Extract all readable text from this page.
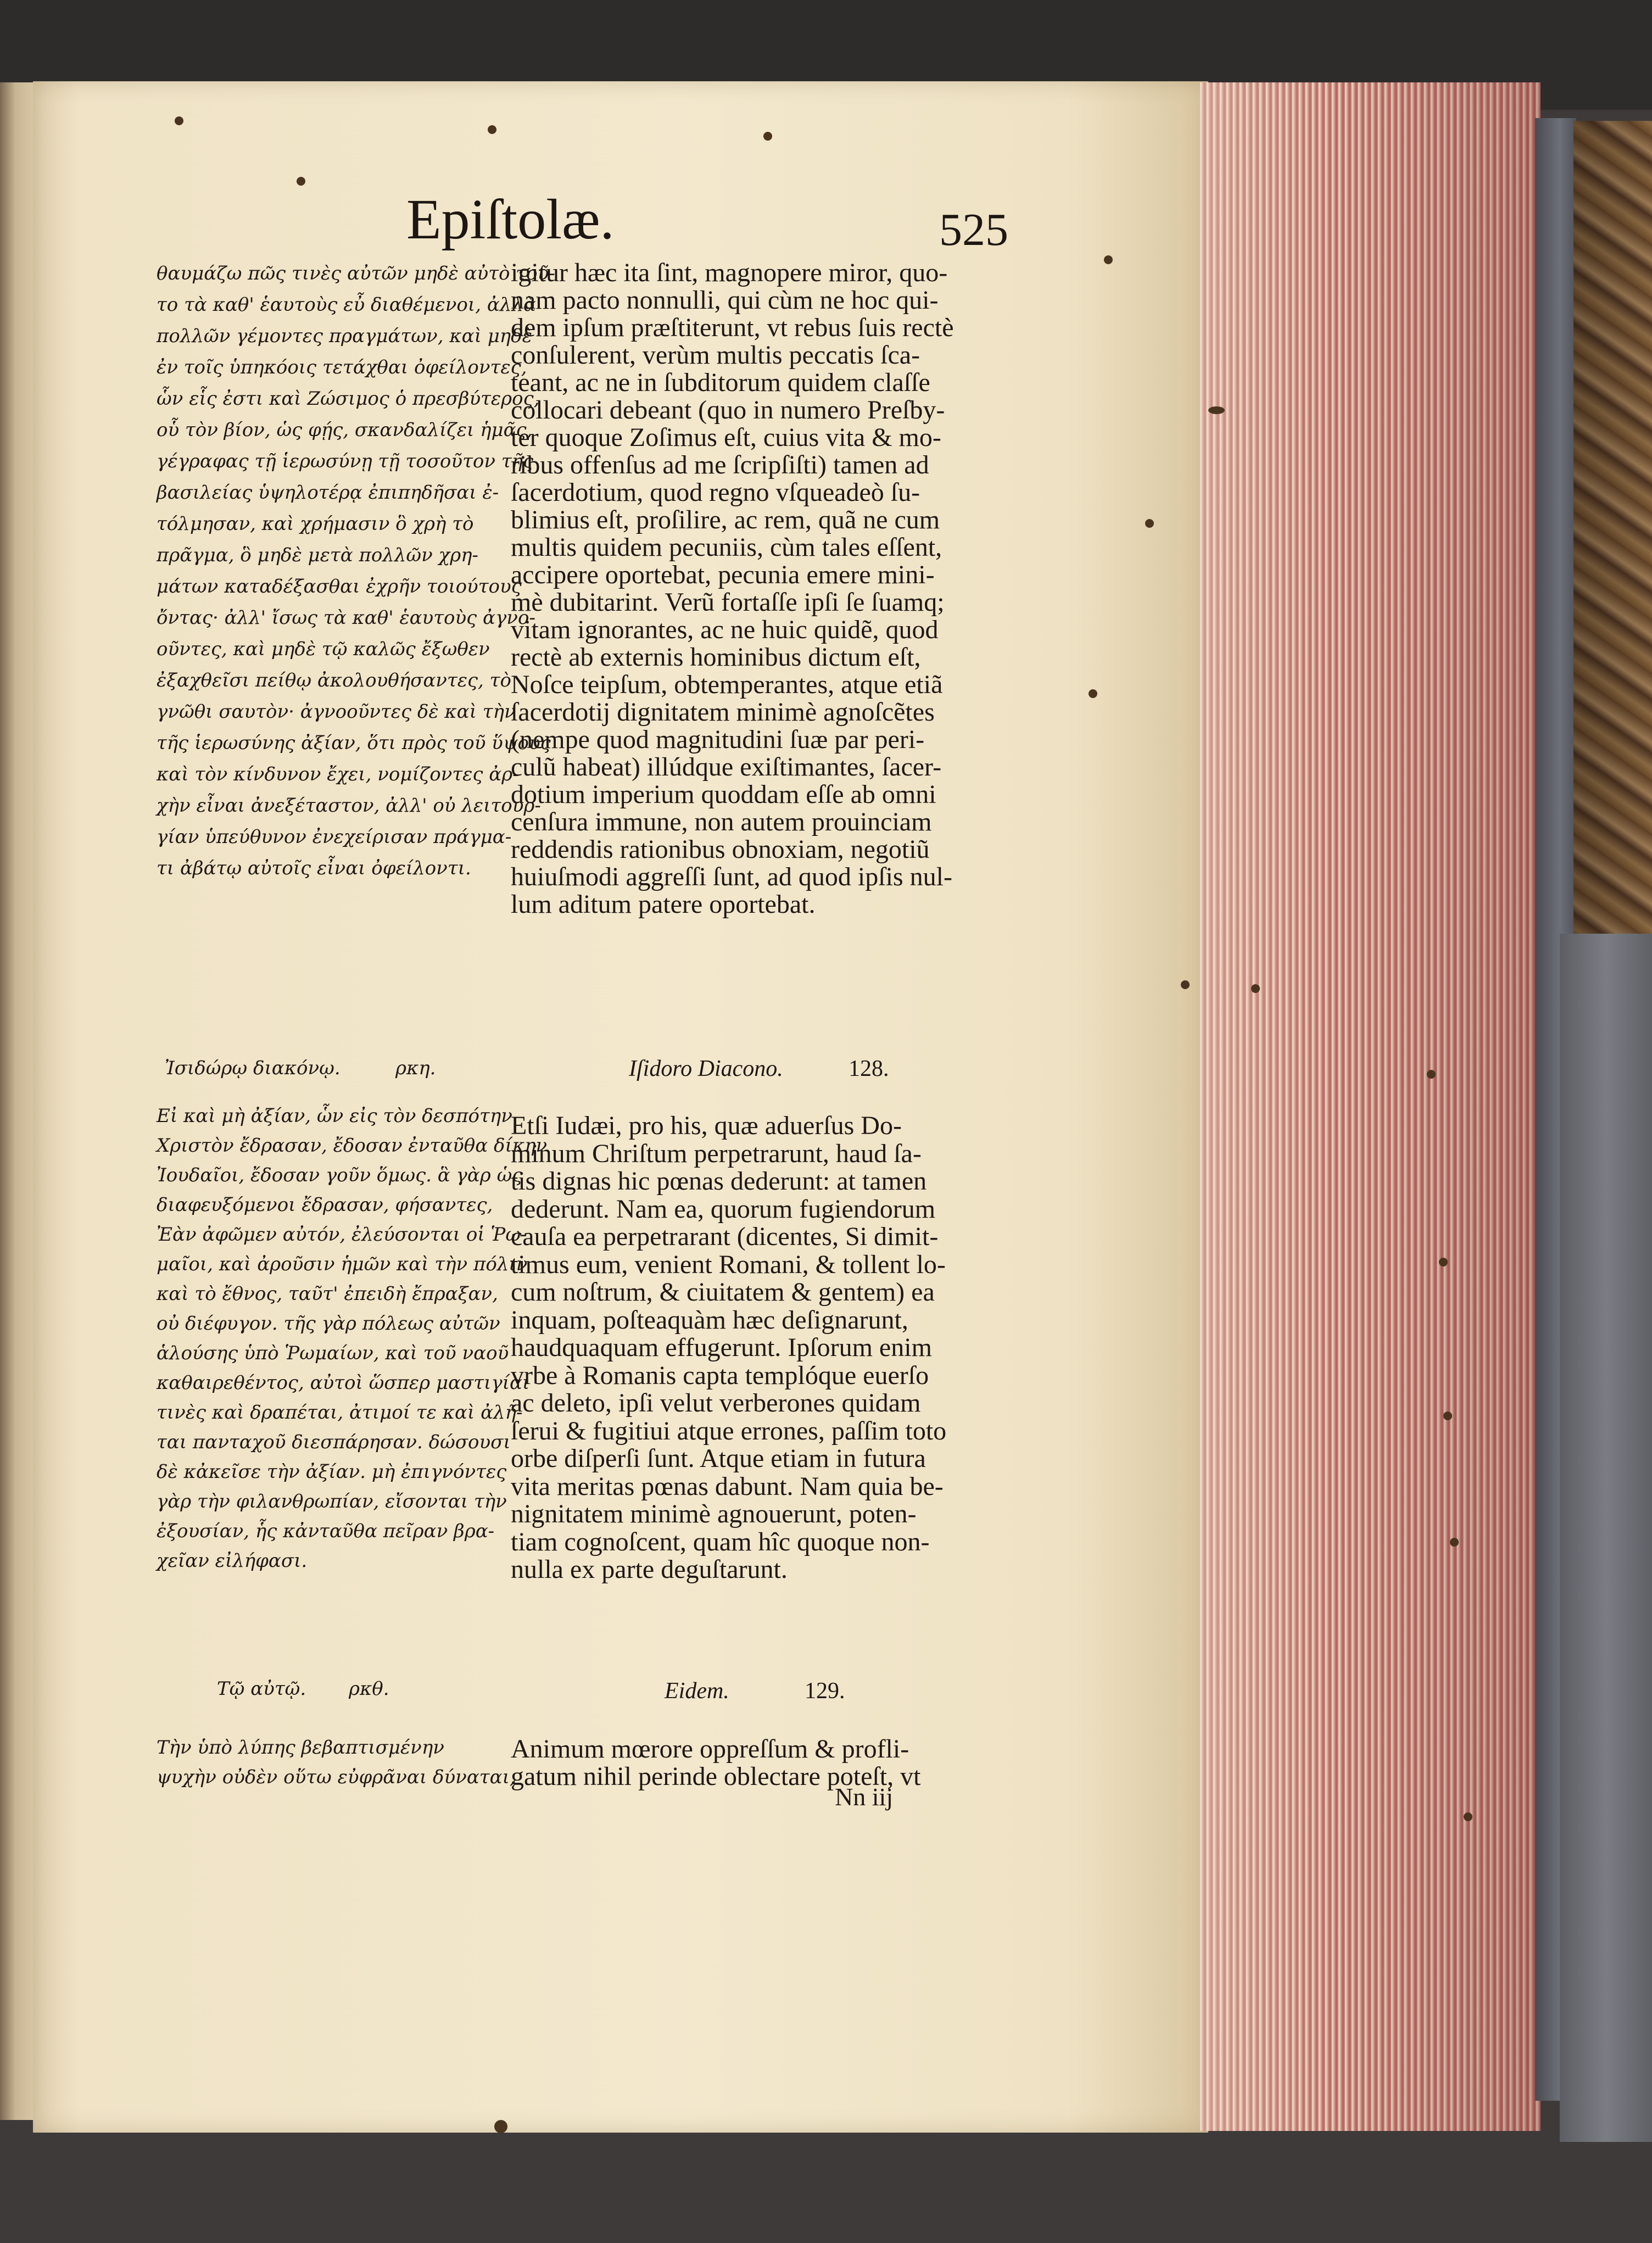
Epiſtolæ.	525
θαυμάζω πῶς τινὲς αὐτῶν μηδὲ αὐτὸ τοῦ-
το τὰ καθ' ἑαυτοὺς εὖ διαθέμενοι, ἀλλὰ
πολλῶν γέμοντες πραγμάτων, καὶ μηδὲ
ἐν τοῖς ὑπηκόοις τετάχθαι ὀφείλοντες,
ὧν εἷς ἐστι καὶ Ζώσιμος ὁ πρεσβύτερος,
οὗ τὸν βίον, ὡς φῄς, σκανδαλίζει ἡμᾶς,
γέγραφας τῇ ἱερωσύνῃ τῇ τοσοῦτον τῆς
βασιλείας ὑψηλοτέρᾳ ἐπιπηδῆσαι ἐ-
τόλμησαν, καὶ χρήμασιν ὃ χρὴ τὸ
πρᾶγμα, ὃ μηδὲ μετὰ πολλῶν χρη-
μάτων καταδέξασθαι ἐχρῆν τοιούτους
ὄντας· ἀλλ' ἴσως τὰ καθ' ἑαυτοὺς ἀγνο-
οῦντες, καὶ μηδὲ τῷ καλῶς ἔξωθεν
ἐξαχθεῖσι πείθῳ ἀκολουθήσαντες, τὸ
γνῶθι σαυτὸν· ἀγνοοῦντες δὲ καὶ τὴν
τῆς ἱερωσύνης ἀξίαν, ὅτι πρὸς τοῦ ὕψους
καὶ τὸν κίνδυνον ἔχει, νομίζοντες ἀρ-
χὴν εἶναι ἀνεξέταστον, ἀλλ' οὐ λειτουρ-
γίαν ὑπεύθυνον ἐνεχείρισαν πράγμα-
τι ἀβάτῳ αὐτοῖς εἶναι ὀφείλοντι.
igitur hæc ita ſint, magnopere miror, quo-
nam pacto nonnulli, qui cùm ne hoc qui-
dem ipſum præſtiterunt, vt rebus ſuis rectè
conſulerent, verùm multis peccatis ſca-
teant, ac ne in ſubditorum quidem claſſe
collocari debeant (quo in numero Preſby-
ter quoque Zoſimus eſt, cuius vita & mo-
ribus offenſus ad me ſcripſiſti) tamen ad
ſacerdotium, quod regno vſqueadeò ſu-
blimius eſt, proſilire, ac rem, quã ne cum
multis quidem pecuniis, cùm tales eſſent,
accipere oportebat, pecunia emere mini-
mè dubitarint. Verũ fortaſſe ipſi ſe ſuamq;
vitam ignorantes, ac ne huic quidẽ, quod
rectè ab externis hominibus dictum eſt,
Noſce teipſum, obtemperantes, atque etiã
ſacerdotij dignitatem minimè agnoſcẽtes
(nempe quod magnitudini ſuæ par peri-
culũ habeat) illúdque exiſtimantes, ſacer-
dotium imperium quoddam eſſe ab omni
cenſura immune, non autem prouinciam
reddendis rationibus obnoxiam, negotiũ
huiuſmodi aggreſſi ſunt, ad quod ipſis nul-
lum aditum patere oportebat.
Ἰσιδώρῳ διακόνῳ.	ρκη.	Iſidoro Diacono.	128.
Εἰ καὶ μὴ ἀξίαν, ὧν εἰς τὸν δεσπότην
Χριστὸν ἔδρασαν, ἔδοσαν ἐνταῦθα δίκην
Ἰουδαῖοι, ἔδοσαν γοῦν ὅμως. ἃ γὰρ ὡς
διαφευξόμενοι ἔδρασαν, φήσαντες,
Ἐὰν ἀφῶμεν αὐτόν, ἐλεύσονται οἱ Ῥω-
μαῖοι, καὶ ἀροῦσιν ἡμῶν καὶ τὴν πόλιν
καὶ τὸ ἔθνος, ταῦτ' ἐπειδὴ ἔπραξαν,
οὐ διέφυγον. τῆς γὰρ πόλεως αὐτῶν
ἁλούσης ὑπὸ Ῥωμαίων, καὶ τοῦ ναοῦ
καθαιρεθέντος, αὐτοὶ ὥσπερ μαστιγίαι
τινὲς καὶ δραπέται, ἀτιμοί τε καὶ ἀλῆ-
ται πανταχοῦ διεσπάρησαν. δώσουσι
δὲ κἀκεῖσε τὴν ἀξίαν. μὴ ἐπιγνόντες
γὰρ τὴν φιλανθρωπίαν, εἴσονται τὴν
ἐξουσίαν, ἧς κἀνταῦθα πεῖραν βρα-
χεῖαν εἰλήφασι.
Etſi Iudæi, pro his, quæ aduerſus Do-
minum Chriſtum perpetrarunt, haud ſa-
tis dignas hic pœnas dederunt: at tamen
dederunt. Nam ea, quorum fugiendorum
cauſa ea perpetrarant (dicentes, Si dimit-
timus eum, venient Romani, & tollent lo-
cum noſtrum, & ciuitatem & gentem) ea
inquam, poſteaquàm hæc deſignarunt,
haudquaquam effugerunt. Ipſorum enim
vrbe à Romanis capta templóque euerſo
ac deleto, ipſi velut verberones quidam
ſerui & fugitiui atque errones, paſſim toto
orbe diſperſi ſunt. Atque etiam in futura
vita meritas pœnas dabunt. Nam quia be-
nignitatem minimè agnouerunt, poten-
tiam cognoſcent, quam hîc quoque non-
nulla ex parte deguſtarunt.
Τῷ αὐτῷ. ρκθ.	Eidem.	129.
Τὴν ὑπὸ λύπης βεβαπτισμένην
ψυχὴν οὐδὲν οὕτω εὐφρᾶναι δύναται,
Animum mœrore oppreſſum & profli-
gatum nihil perinde oblectare poteſt, vt
Nn iij
